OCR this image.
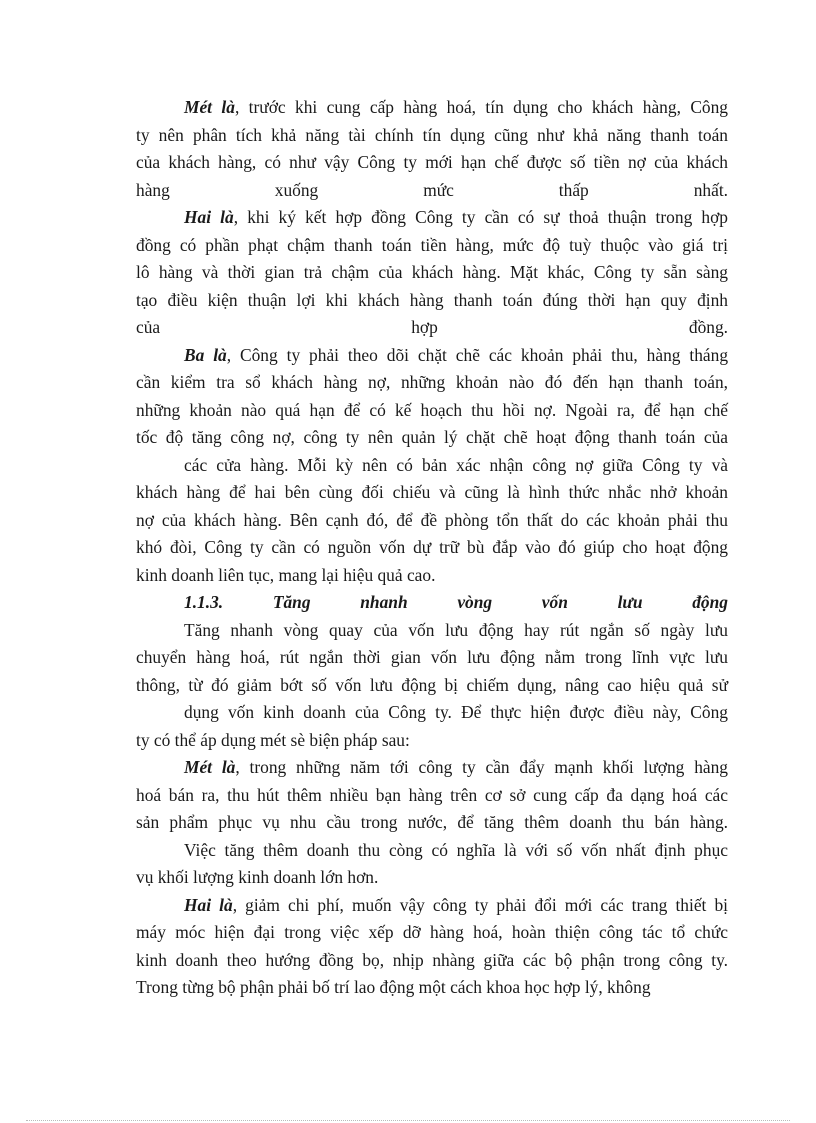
Mét là, trước khi cung cấp hàng hoá, tín dụng cho khách hàng, Công
ty nên phân tích khả năng tài chính tín dụng cũng như khả năng thanh toán
của khách hàng, có như vậy Công ty mới hạn chế được số tiền nợ của khách
hàng xuống mức thấp nhất.
Hai là, khi ký kết hợp đồng Công ty cần có sự thoả thuận trong hợp
đồng có phần phạt chậm thanh toán tiền hàng, mức độ tuỳ thuộc vào giá trị
lô hàng và thời gian trả chậm của khách hàng. Mặt khác, Công ty sẵn sàng
tạo điều kiện thuận lợi khi khách hàng thanh toán đúng thời hạn quy định
của hợp đồng.
Ba là, Công ty phải theo dõi chặt chẽ các khoản phải thu, hàng tháng
cần kiểm tra sổ khách hàng nợ, những khoản nào đó đến hạn thanh toán,
những khoản nào quá hạn để có kế hoạch thu hồi nợ. Ngoài ra, để hạn chế
tốc độ tăng công nợ, công ty nên quản lý chặt chẽ hoạt động thanh toán của
các cửa hàng. Mỗi kỳ nên có bản xác nhận công nợ giữa Công ty và
khách hàng để hai bên cùng đối chiếu và cũng là hình thức nhắc nhở khoản
nợ của khách hàng. Bên cạnh đó, để đề phòng tổn thất do các khoản phải thu
khó đòi, Công ty cần có nguồn vốn dự trữ bù đắp vào đó giúp cho hoạt động
kinh doanh liên tục, mang lại hiệu quả cao.
1.1.3. Tăng nhanh vòng vốn lưu động
Tăng nhanh vòng quay của vốn lưu động hay rút ngắn số ngày lưu
chuyển hàng hoá, rút ngắn thời gian vốn lưu động nằm trong lĩnh vực lưu
thông, từ đó giảm bớt số vốn lưu động bị chiếm dụng, nâng cao hiệu quả sử
dụng vốn kinh doanh của Công ty. Để thực hiện được điều này, Công
ty có thể áp dụng mét sè biện pháp sau:
Mét là, trong những năm tới công ty cần đẩy mạnh khối lượng hàng
hoá bán ra, thu hút thêm nhiều bạn hàng trên cơ sở cung cấp đa dạng hoá các
sản phẩm phục vụ nhu cầu trong nước, để tăng thêm doanh thu bán hàng.
Việc tăng thêm doanh thu còng có nghĩa là với số vốn nhất định phục
vụ khối lượng kinh doanh lớn hơn.
Hai là, giảm chi phí, muốn vậy công ty phải đổi mới các trang thiết bị
máy móc hiện đại trong việc xếp dỡ hàng hoá, hoàn thiện công tác tổ chức
kinh doanh theo hướng đồng bọ, nhịp nhàng giữa các bộ phận trong công ty.
Trong từng bộ phận phải bố trí lao động một cách khoa học hợp lý, không
